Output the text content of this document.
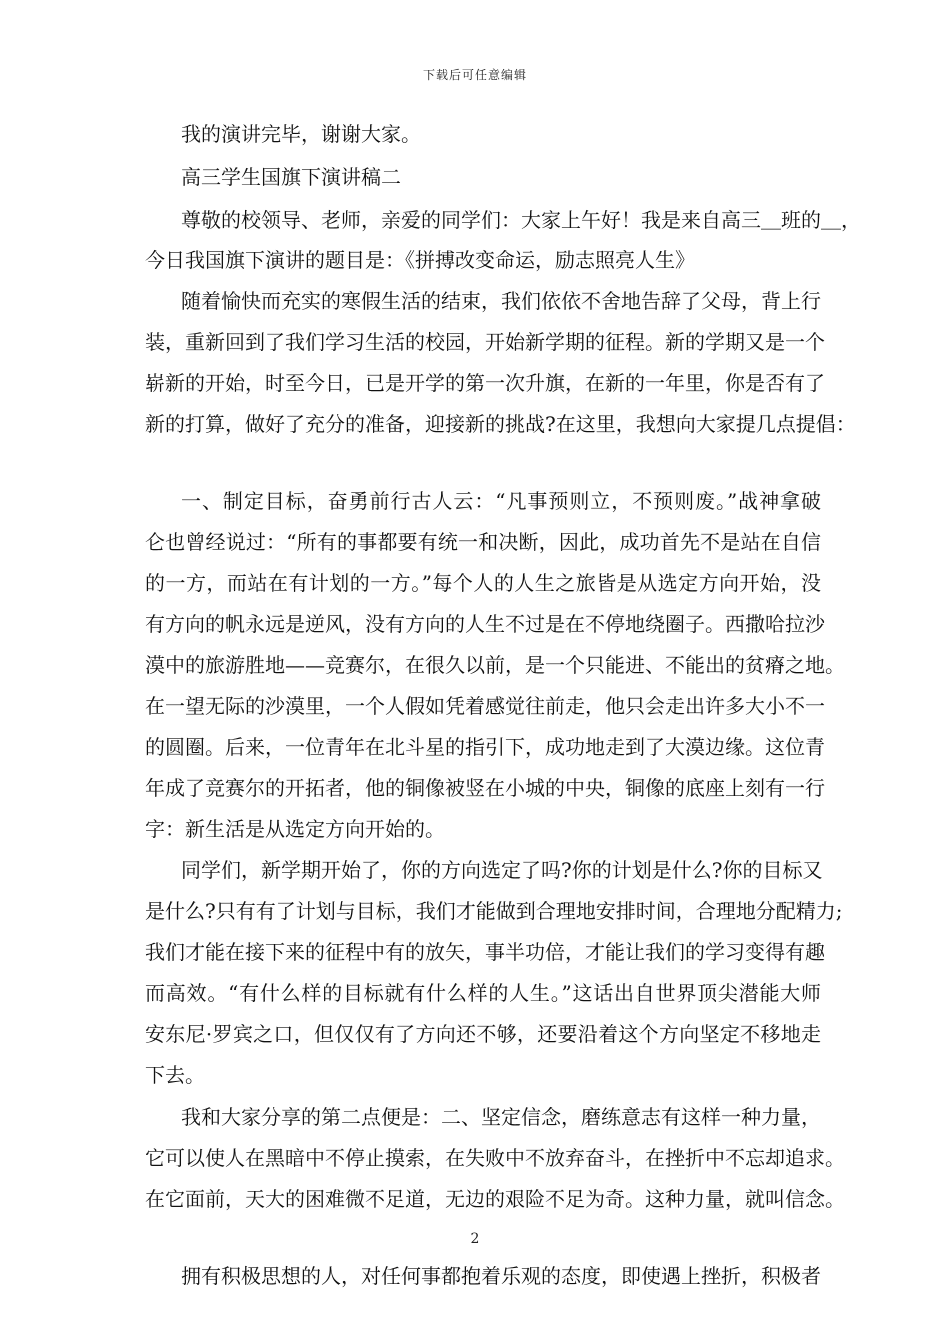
下载后可任意编辑
我的演讲完毕，谢谢大家。
高三学生国旗下演讲稿二
尊敬的校领导、老师，亲爱的同学们：大家上午好！我是来自高三＿班的＿，
今日我国旗下演讲的题目是：《拼搏改变命运，励志照亮人生》
随着愉快而充实的寒假生活的结束，我们依依不舍地告辞了父母，背上行
装，重新回到了我们学习生活的校园，开始新学期的征程。新的学期又是一个
崭新的开始，时至今日，已是开学的第一次升旗，在新的一年里，你是否有了
新的打算，做好了充分的准备，迎接新的挑战?在这里，我想向大家提几点提倡：
一、制定目标，奋勇前行古人云：“凡事预则立，不预则废。”战神拿破
仑也曾经说过：“所有的事都要有统一和决断，因此，成功首先不是站在自信
的一方，而站在有计划的一方。”每个人的人生之旅皆是从选定方向开始，没
有方向的帆永远是逆风，没有方向的人生不过是在不停地绕圈子。西撒哈拉沙
漠中的旅游胜地——竞赛尔，在很久以前，是一个只能进、不能出的贫瘠之地。
在一望无际的沙漠里，一个人假如凭着感觉往前走，他只会走出许多大小不一
的圆圈。后来，一位青年在北斗星的指引下，成功地走到了大漠边缘。这位青
年成了竞赛尔的开拓者，他的铜像被竖在小城的中央，铜像的底座上刻有一行
字：新生活是从选定方向开始的。
同学们，新学期开始了，你的方向选定了吗?你的计划是什么?你的目标又
是什么?只有有了计划与目标，我们才能做到合理地安排时间，合理地分配精力;
我们才能在接下来的征程中有的放矢，事半功倍，才能让我们的学习变得有趣
而高效。“有什么样的目标就有什么样的人生。”这话出自世界顶尖潜能大师
安东尼·罗宾之口，但仅仅有了方向还不够，还要沿着这个方向坚定不移地走
下去。
我和大家分享的第二点便是：二、坚定信念，磨练意志有这样一种力量，
它可以使人在黑暗中不停止摸索，在失败中不放弃奋斗，在挫折中不忘却追求。
在它面前，天大的困难微不足道，无边的艰险不足为奇。这种力量，就叫信念。
拥有积极思想的人，对任何事都抱着乐观的态度，即使遇上挫折，积极者
2
